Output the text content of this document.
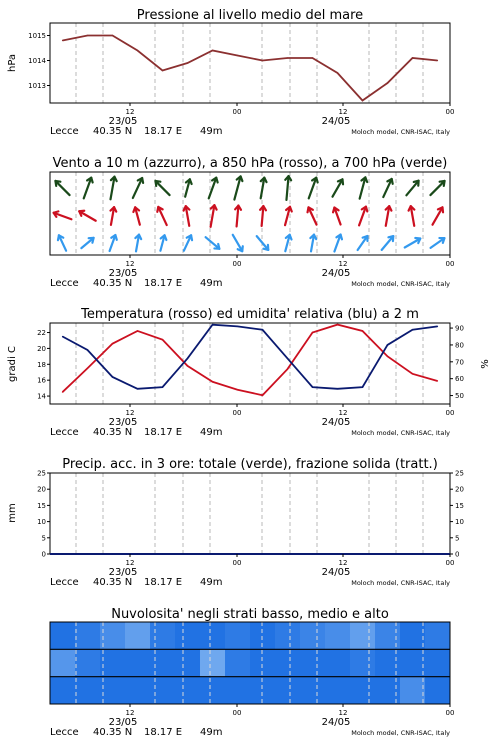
Pressione al livello medio del mare
hPa
1013
1014
1015
12	00	12	00
23/05	24/05
Lecce 40.35 N 18.17 E 49m	Moloch model, CNR-ISAC, Italy
Vento a 10 m (azzurro), a 850 hPa (rosso), a 700 hPa (verde)
12	00	12	00
23/05	24/05
Lecce 40.35 N 18.17 E 49m	Moloch model, CNR-ISAC, Italy
Temperatura (rosso) ed umidita' relativa (blu) a 2 m
gradi C	%
14
16
18
20
22
50
60
70
80
90
12	00	12	00
23/05	24/05
Lecce 40.35 N 18.17 E 49m	Moloch model, CNR-ISAC, Italy
Precip. acc. in 3 ore: totale (verde), frazione solida (tratt.)
mm
0
5
10
15
20
25
0
5
10
15
20
25
12	00	12	00
23/05	24/05
Lecce 40.35 N 18.17 E 49m	Moloch model, CNR-ISAC, Italy
Nuvolosita' negli strati basso, medio e alto
12	00	12	00
23/05	24/05
Lecce 40.35 N 18.17 E 49m	Moloch model, CNR-ISAC, Italy
